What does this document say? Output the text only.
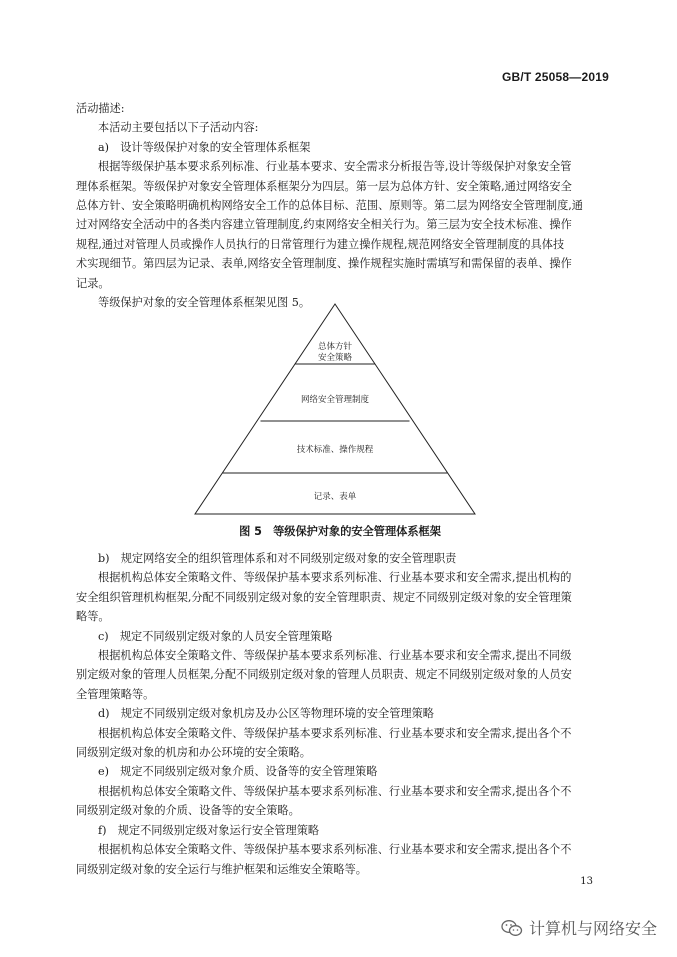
GB/T 25058—2019
活动描述:
本活动主要包括以下子活动内容:
a)　设计等级保护对象的安全管理体系框架
根据等级保护基本要求系列标准、行业基本要求、安全需求分析报告等,设计等级保护对象安全管
理体系框架。等级保护对象安全管理体系框架分为四层。第一层为总体方针、安全策略,通过网络安全
总体方针、安全策略明确机构网络安全工作的总体目标、范围、原则等。第二层为网络安全管理制度,通
过对网络安全活动中的各类内容建立管理制度,约束网络安全相关行为。第三层为安全技术标准、操作
规程,通过对管理人员或操作人员执行的日常管理行为建立操作规程,规范网络安全管理制度的具体技
术实现细节。第四层为记录、表单,网络安全管理制度、操作规程实施时需填写和需保留的表单、操作
记录。
等级保护对象的安全管理体系框架见图 5。
总体方针
安全策略
网络安全管理制度
技术标准、操作规程
记录、表单
图 5　等级保护对象的安全管理体系框架
b)　规定网络安全的组织管理体系和对不同级别定级对象的安全管理职责
根据机构总体安全策略文件、等级保护基本要求系列标准、行业基本要求和安全需求,提出机构的
安全组织管理机构框架,分配不同级别定级对象的安全管理职责、规定不同级别定级对象的安全管理策
略等。
c)　规定不同级别定级对象的人员安全管理策略
根据机构总体安全策略文件、等级保护基本要求系列标准、行业基本要求和安全需求,提出不同级
别定级对象的管理人员框架,分配不同级别定级对象的管理人员职责、规定不同级别定级对象的人员安
全管理策略等。
d)　规定不同级别定级对象机房及办公区等物理环境的安全管理策略
根据机构总体安全策略文件、等级保护基本要求系列标准、行业基本要求和安全需求,提出各个不
同级别定级对象的机房和办公环境的安全策略。
e)　规定不同级别定级对象介质、设备等的安全管理策略
根据机构总体安全策略文件、等级保护基本要求系列标准、行业基本要求和安全需求,提出各个不
同级别定级对象的介质、设备等的安全策略。
f)　规定不同级别定级对象运行安全管理策略
根据机构总体安全策略文件、等级保护基本要求系列标准、行业基本要求和安全需求,提出各个不
同级别定级对象的安全运行与维护框架和运维安全策略等。
13
计算机与网络安全
